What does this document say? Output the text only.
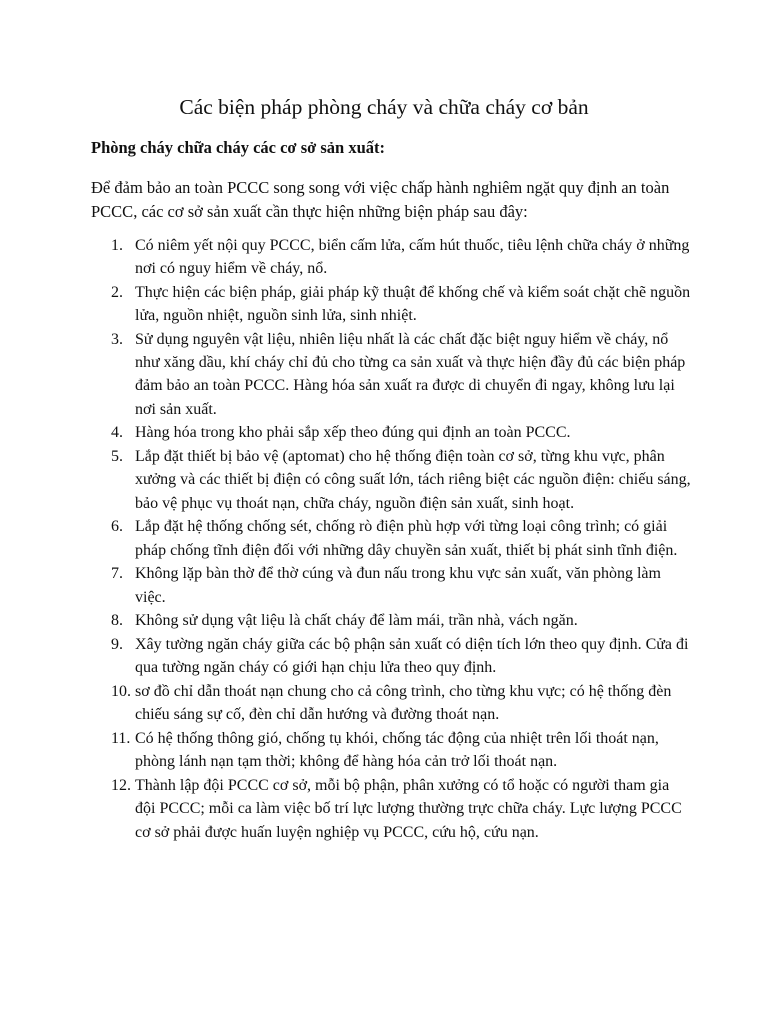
Các biện pháp phòng cháy và chữa cháy cơ bản
Phòng cháy chữa cháy các cơ sở sản xuất:

Để đảm bảo an toàn PCCC song song với việc chấp hành nghiêm ngặt quy định an toàn PCCC, các cơ sở sản xuất cần thực hiện những biện pháp sau đây:

1. Có niêm yết nội quy PCCC, biển cấm lửa, cấm hút thuốc, tiêu lệnh chữa cháy ở những nơi có nguy hiểm về cháy, nổ.
2. Thực hiện các biện pháp, giải pháp kỹ thuật để khống chế và kiểm soát chặt chẽ nguồn lửa, nguồn nhiệt, nguồn sinh lửa, sinh nhiệt.
3. Sử dụng nguyên vật liệu, nhiên liệu nhất là các chất đặc biệt nguy hiểm về cháy, nổ như xăng dầu, khí cháy chỉ đủ cho từng ca sản xuất và thực hiện đầy đủ các biện pháp đảm bảo an toàn PCCC. Hàng hóa sản xuất ra được di chuyển đi ngay, không lưu lại nơi sản xuất.
4. Hàng hóa trong kho phải sắp xếp theo đúng qui định an toàn PCCC.
5. Lắp đặt thiết bị bảo vệ (aptomat) cho hệ thống điện toàn cơ sở, từng khu vực, phân xưởng và các thiết bị điện có công suất lớn, tách riêng biệt các nguồn điện: chiếu sáng, bảo vệ phục vụ thoát nạn, chữa cháy, nguồn điện sản xuất, sinh hoạt.
6. Lắp đặt hệ thống chống sét, chống rò điện phù hợp với từng loại công trình; có giải pháp chống tĩnh điện đối với những dây chuyền sản xuất, thiết bị phát sinh tĩnh điện.
7. Không lặp bàn thờ để thờ cúng và đun nấu trong khu vực sản xuất, văn phòng làm việc.
8. Không sử dụng vật liệu là chất cháy để làm mái, trần nhà, vách ngăn.
9. Xây tường ngăn cháy giữa các bộ phận sản xuất có diện tích lớn theo quy định. Cửa đi qua tường ngăn cháy có giới hạn chịu lửa theo quy định.
10. sơ đồ chỉ dẫn thoát nạn chung cho cả công trình, cho từng khu vực; có hệ thống đèn chiếu sáng sự cố, đèn chỉ dẫn hướng và đường thoát nạn.
11. Có hệ thống thông gió, chống tụ khói, chống tác động của nhiệt trên lối thoát nạn, phòng lánh nạn tạm thời; không để hàng hóa cản trở lối thoát nạn.
12. Thành lập đội PCCC cơ sở, mỗi bộ phận, phân xưởng có tổ hoặc có người tham gia đội PCCC; mỗi ca làm việc bố trí lực lượng thường trực chữa cháy. Lực lượng PCCC cơ sở phải được huấn luyện nghiệp vụ PCCC, cứu hộ, cứu nạn.
